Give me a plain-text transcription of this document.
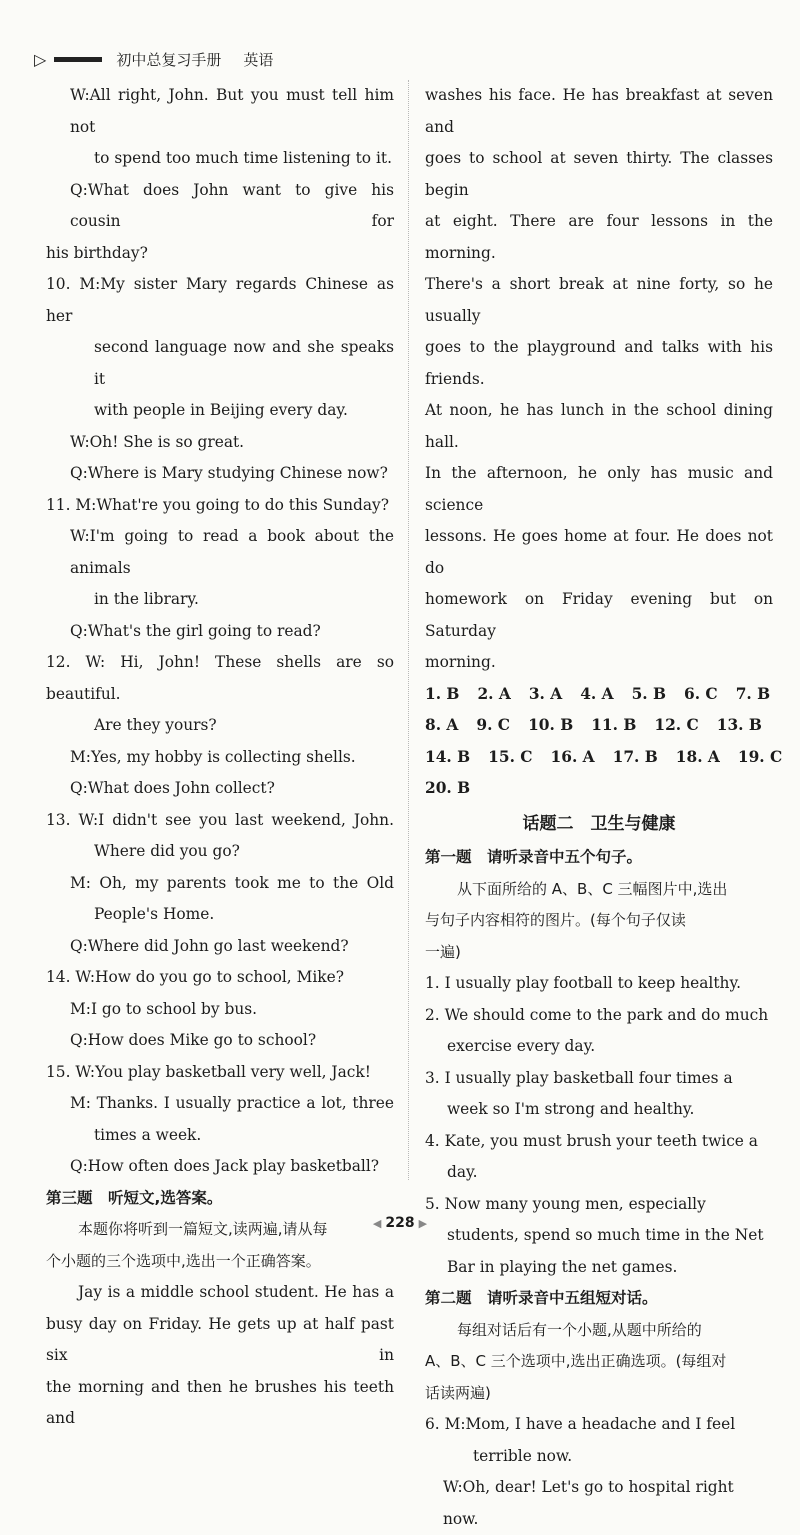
▷	初中总复习手册 英语
W:All right, John. But you must tell him not
to spend too much time listening to it.
Q:What does John want to give his cousin for
his birthday?
10. M:My sister Mary regards Chinese as her
second language now and she speaks it
with people in Beijing every day.
W:Oh! She is so great.
Q:Where is Mary studying Chinese now?
11. M:What're you going to do this Sunday?
W:I'm going to read a book about the animals
in the library.
Q:What's the girl going to read?
12. W: Hi, John! These shells are so beautiful.
Are they yours?
M:Yes, my hobby is collecting shells.
Q:What does John collect?
13. W:I didn't see you last weekend, John.
Where did you go?
M: Oh, my parents took me to the Old
People's Home.
Q:Where did John go last weekend?
14. W:How do you go to school, Mike?
M:I go to school by bus.
Q:How does Mike go to school?
15. W:You play basketball very well, Jack!
M: Thanks. I usually practice a lot, three
times a week.
Q:How often does Jack play basketball?
第三题　听短文,选答案。
本题你将听到一篇短文,读两遍,请从每
个小题的三个选项中,选出一个正确答案。
Jay is a middle school student. He has a
busy day on Friday. He gets up at half past six in
the morning and then he brushes his teeth and
washes his face. He has breakfast at seven and
goes to school at seven thirty. The classes begin
at eight. There are four lessons in the morning.
There's a short break at nine forty, so he usually
goes to the playground and talks with his friends.
At noon, he has lunch in the school dining hall.
In the afternoon, he only has music and science
lessons. He goes home at four. He does not do
homework on Friday evening but on Saturday
morning.
1. B 2. A 3. A 4. A 5. B 6. C 7. B
8. A 9. C 10. B 11. B 12. C 13. B
14. B 15. C 16. A 17. B 18. A 19. C
20. B
话题二　卫生与健康
第一题　请听录音中五个句子。
从下面所给的 A、B、C 三幅图片中,选出
与句子内容相符的图片。(每个句子仅读
一遍)
1. I usually play football to keep healthy.
2. We should come to the park and do much exercise every day.
3. I usually play basketball four times a week so I'm strong and healthy.
4. Kate, you must brush your teeth twice a day.
5. Now many young men, especially students, spend so much time in the Net Bar in playing the net games.
第二题　请听录音中五组短对话。
每组对话后有一个小题,从题中所给的
A、B、C 三个选项中,选出正确选项。(每组对
话读两遍)
6. M:Mom, I have a headache and I feel terrible now.
W:Oh, dear! Let's go to hospital right now.
◀ 228 ▶
